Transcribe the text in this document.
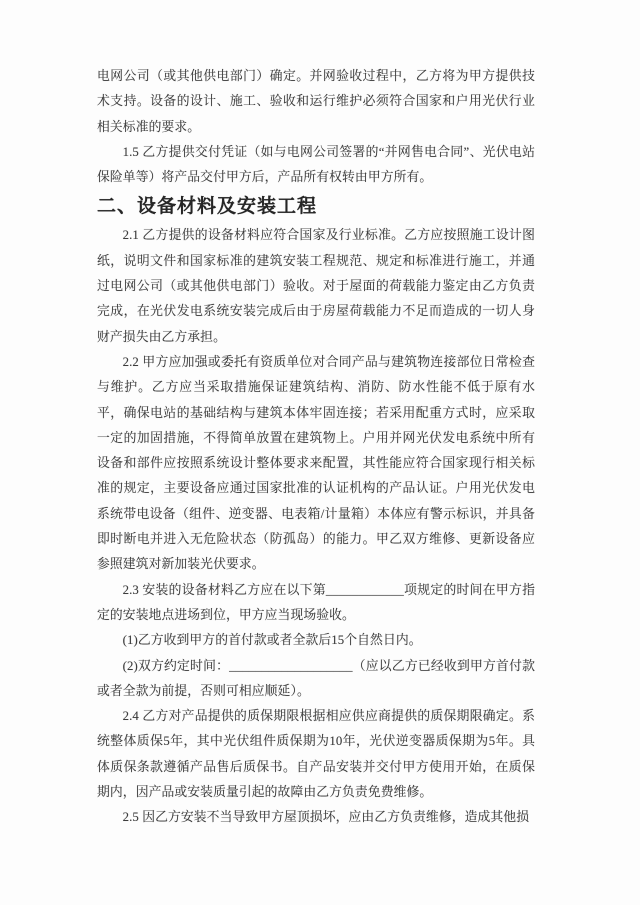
电网公司（或其他供电部门）确定。并网验收过程中，乙方将为甲方提供技术支持。设备的设计、施工、验收和运行维护必须符合国家和户用光伏行业相关标准的要求。

1.5 乙方提供交付凭证（如与电网公司签署的“并网售电合同”、光伏电站保险单等）将产品交付甲方后，产品所有权转由甲方所有。

二、设备材料及安装工程

2.1 乙方提供的设备材料应符合国家及行业标准。乙方应按照施工设计图纸，说明文件和国家标准的建筑安装工程规范、规定和标准进行施工，并通过电网公司（或其他供电部门）验收。对于屋面的荷载能力鉴定由乙方负责完成，在光伏发电系统安装完成后由于房屋荷载能力不足而造成的一切人身财产损失由乙方承担。

2.2 甲方应加强或委托有资质单位对合同产品与建筑物连接部位日常检查与维护。乙方应当采取措施保证建筑结构、消防、防水性能不低于原有水平，确保电站的基础结构与建筑本体牢固连接；若采用配重方式时，应采取一定的加固措施，不得简单放置在建筑物上。户用并网光伏发电系统中所有设备和部件应按照系统设计整体要求来配置，其性能应符合国家现行相关标准的规定，主要设备应通过国家批准的认证机构的产品认证。户用光伏发电系统带电设备（组件、逆变器、电表箱/计量箱）本体应有警示标识，并具备即时断电并进入无危险状态（防孤岛）的能力。甲乙双方维修、更新设备应参照建筑对新加装光伏要求。

2.3 安装的设备材料乙方应在以下第____________项规定的时间在甲方指定的安装地点进场到位，甲方应当现场验收。

(1)乙方收到甲方的首付款或者全款后15个自然日内。

(2)双方约定时间：___________________（应以乙方已经收到甲方首付款或者全款为前提，否则可相应顺延）。

2.4 乙方对产品提供的质保期限根据相应供应商提供的质保期限确定。系统整体质保5年，其中光伏组件质保期为10年，光伏逆变器质保期为5年。具体质保条款遵循产品售后质保书。自产品安装并交付甲方使用开始，在质保期内，因产品或安装质量引起的故障由乙方负责免费维修。

2.5 因乙方安装不当导致甲方屋顶损坏，应由乙方负责维修，造成其他损
